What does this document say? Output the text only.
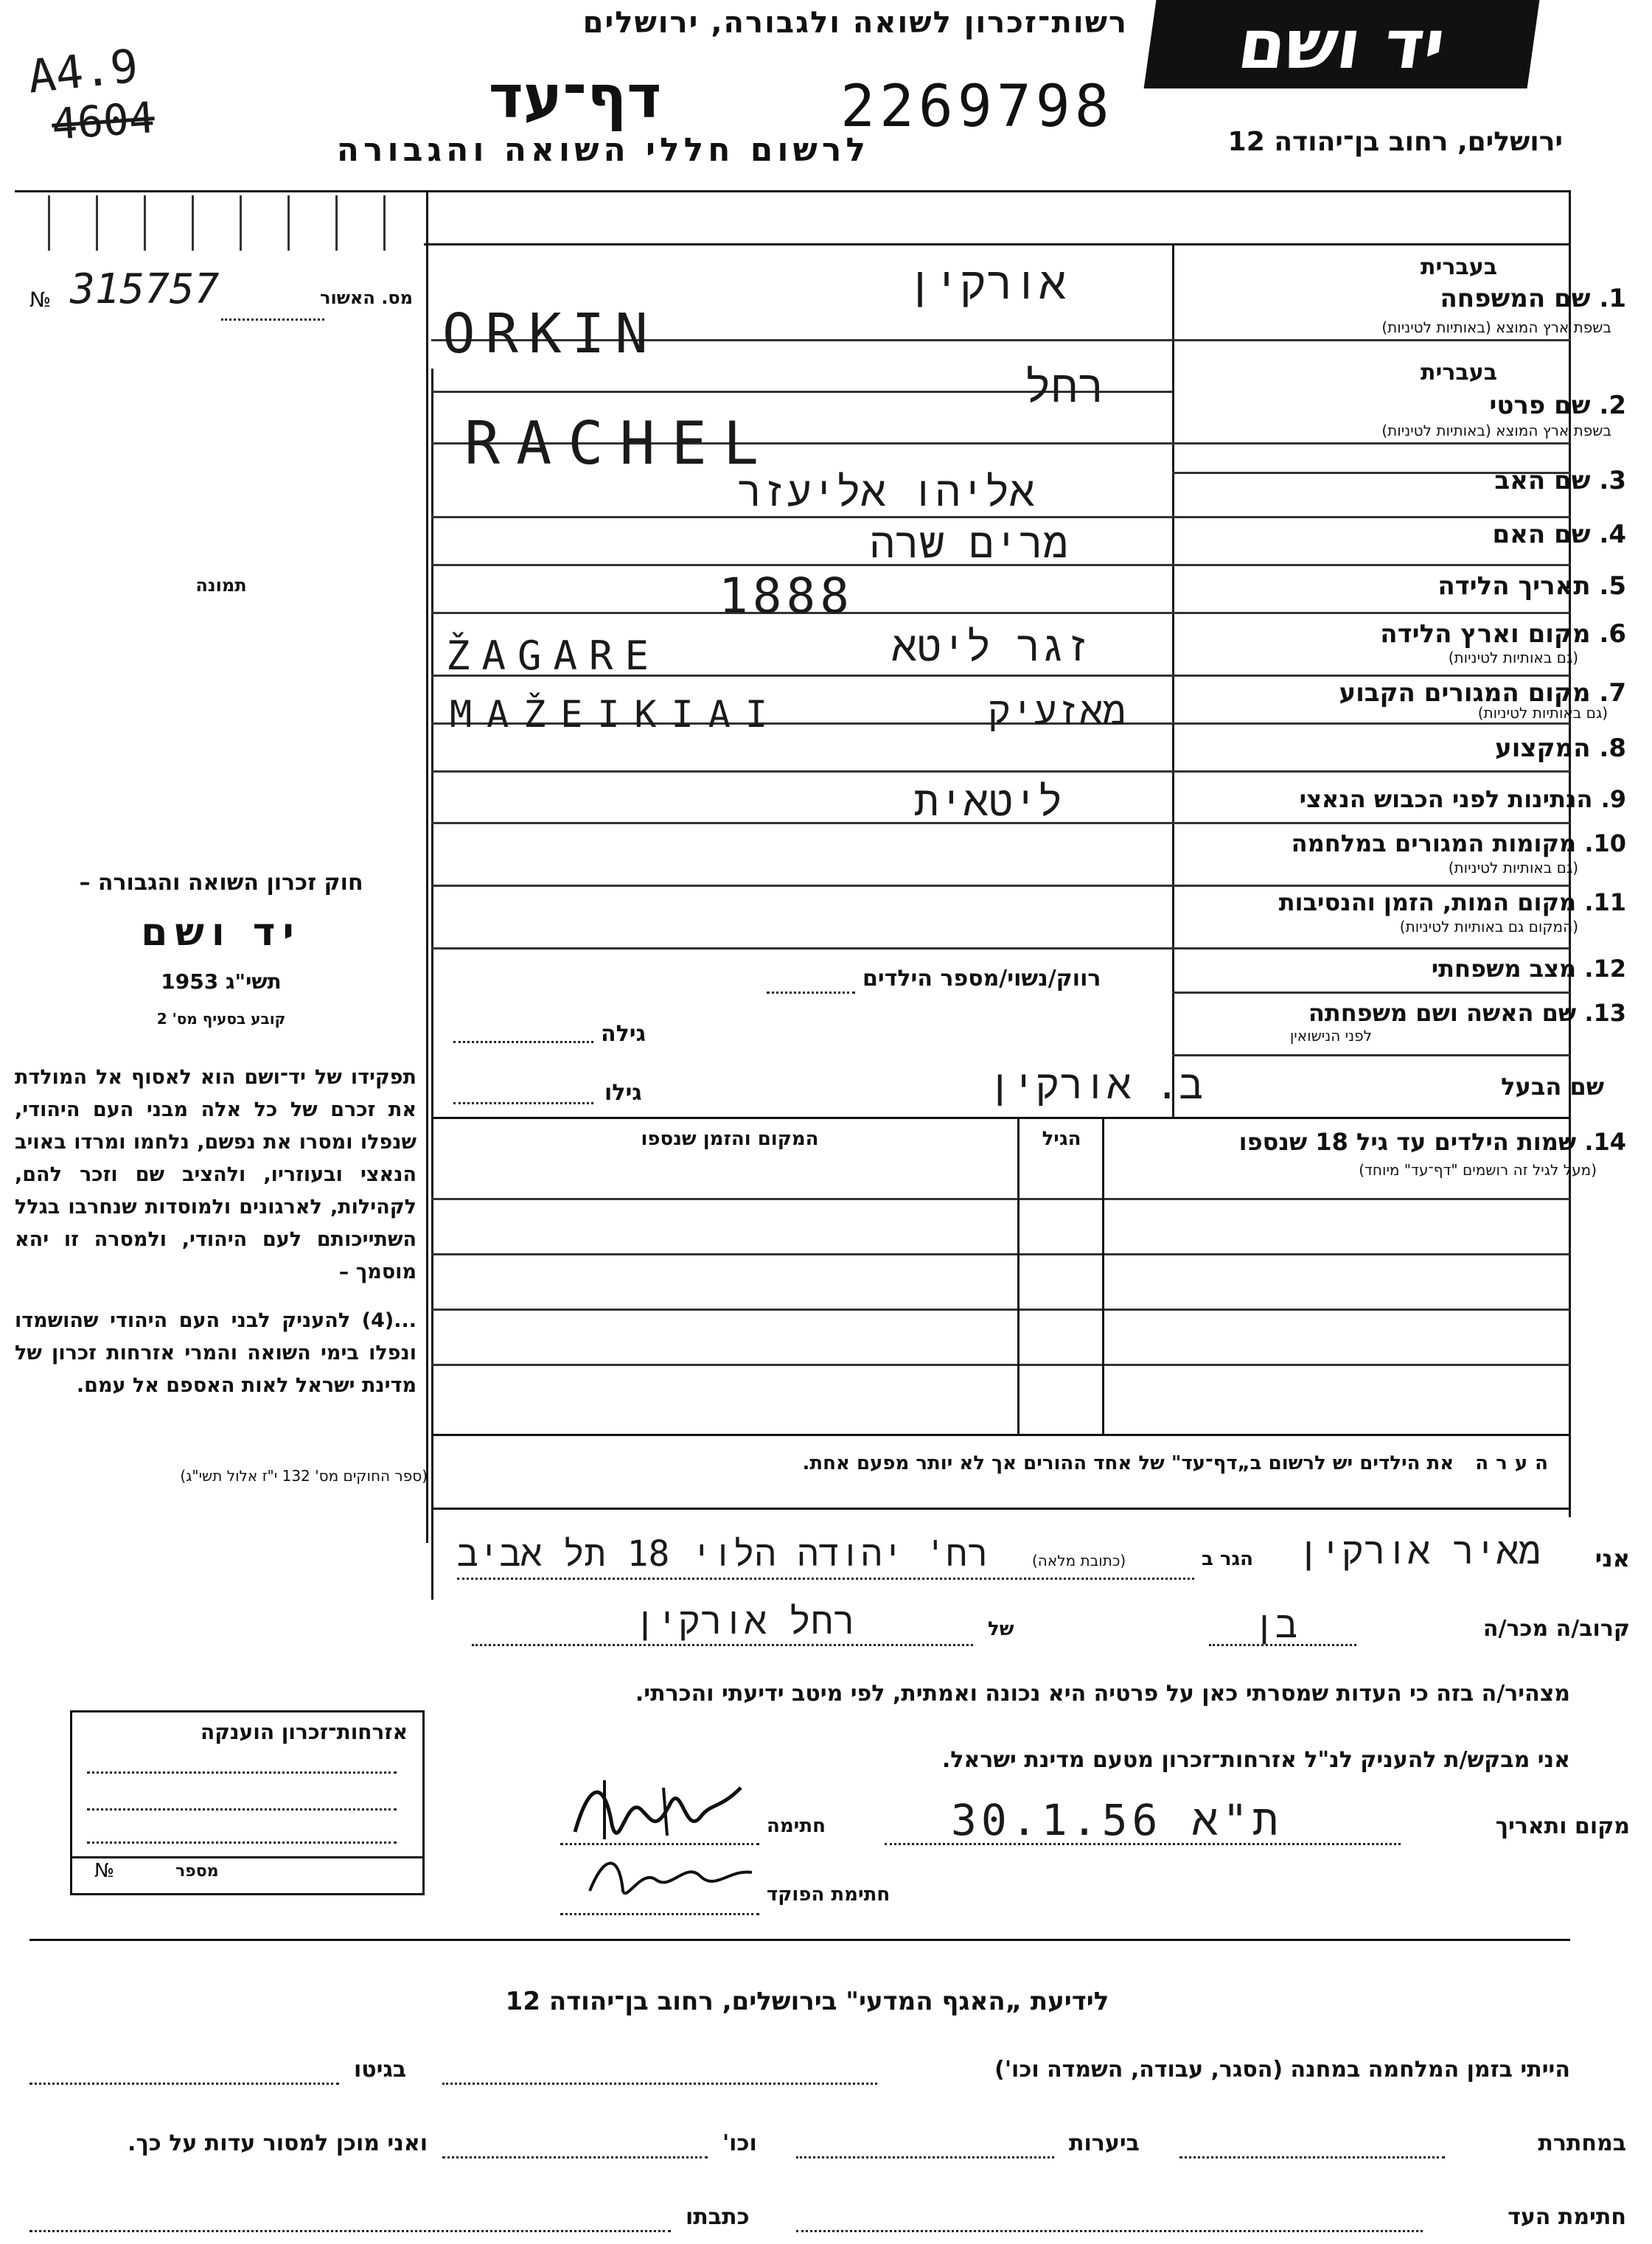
רשות־זכרון לשואה ולגבורה, ירושלים יד ושם
A4.9
4604	דף־עד	2269798
לרשום חללי השואה והגבורה	ירושלים, רחוב בן־יהודה 12
№ 315757	מס. האשור
תמונה
בעברית
1. שם המשפחה
בשפת ארץ המוצא (באותיות לטיניות)
אורקין
ORKIN
בעברית
2. שם פרטי
בשפת ארץ המוצא (באותיות לטיניות)
רחל
RACHEL
3. שם האב
אליהו אליעזר
4. שם האם
מרים שרה
5. תאריך הלידה
1888
6. מקום וארץ הלידה
(גם באותיות לטיניות)
ŽAGARE	זגר ליטא
7. מקום המגורים הקבוע
(גם באותיות לטיניות)
MAŽEIKIAI	מאזעיק
8. המקצוע
9. הנתינות לפני הכבוש הנאצי
ליטאית
10. מקומות המגורים במלחמה
(גם באותיות לטיניות)
11. מקום המות, הזמן והנסיבות
(המקום גם באותיות לטיניות)
12. מצב משפחתי
רווק/נשוי/מספר הילדים
13. שם האשה ושם משפחתה
לפני הנישואין
גילה
שם הבעל
ב. אורקין
גילו
14. שמות הילדים עד גיל 18 שנספו
(מעל לגיל זה רושמים "דף־עד" מיוחד)
הגיל
המקום והזמן שנספו
הערה את הילדים יש לרשום ב„דף־עד" של אחד ההורים אך לא יותר מפעם אחת.
חוק זכרון השואה והגבורה –
יד ושם
תשי"ג 1953
קובע בסעיף מס' 2
תפקידו של יד־ושם הוא לאסוף אל המולדת את זכרם של כל אלה מבני העם היהודי, שנפלו ומסרו את נפשם, נלחמו ומרדו באויב הנאצי ובעוזריו, ולהציב שם וזכר להם, לקהילות, לארגונים ולמוסדות שנחרבו בגלל השתייכותם לעם היהודי, ולמסרה זו יהא מוסמך –
...(4) להעניק לבני העם היהודי שהושמדו ונפלו בימי השואה והמרי אזרחות זכרון של מדינת ישראל לאות האספם אל עמם.
(ספר החוקים מס' 132 י"ז אלול תשי"ג)
אני
מאיר אורקין
הגר ב
(כתובת מלאה)
רח' יהודה הלוי 18 תל אביב
קרוב/ה מכר/ה
בן
של
רחל אורקין
מצהיר/ה בזה כי העדות שמסרתי כאן על פרטיה היא נכונה ואמתית, לפי מיטב ידיעתי והכרתי.
אני מבקש/ת להעניק לנ"ל אזרחות־זכרון מטעם מדינת ישראל.
מקום ותאריך
ת"א 30.1.56
חתימה
חתימת הפוקד
אזרחות־זכרון הוענקה
№	מספר
לידיעת „האגף המדעי" בירושלים, רחוב בן־יהודה 12
הייתי בזמן המלחמה במחנה (הסגר, עבודה, השמדה וכו')
בגיטו
במחתרת
ביערות
וכו'
ואני מוכן למסור עדות על כך.
חתימת העד
כתבתו
